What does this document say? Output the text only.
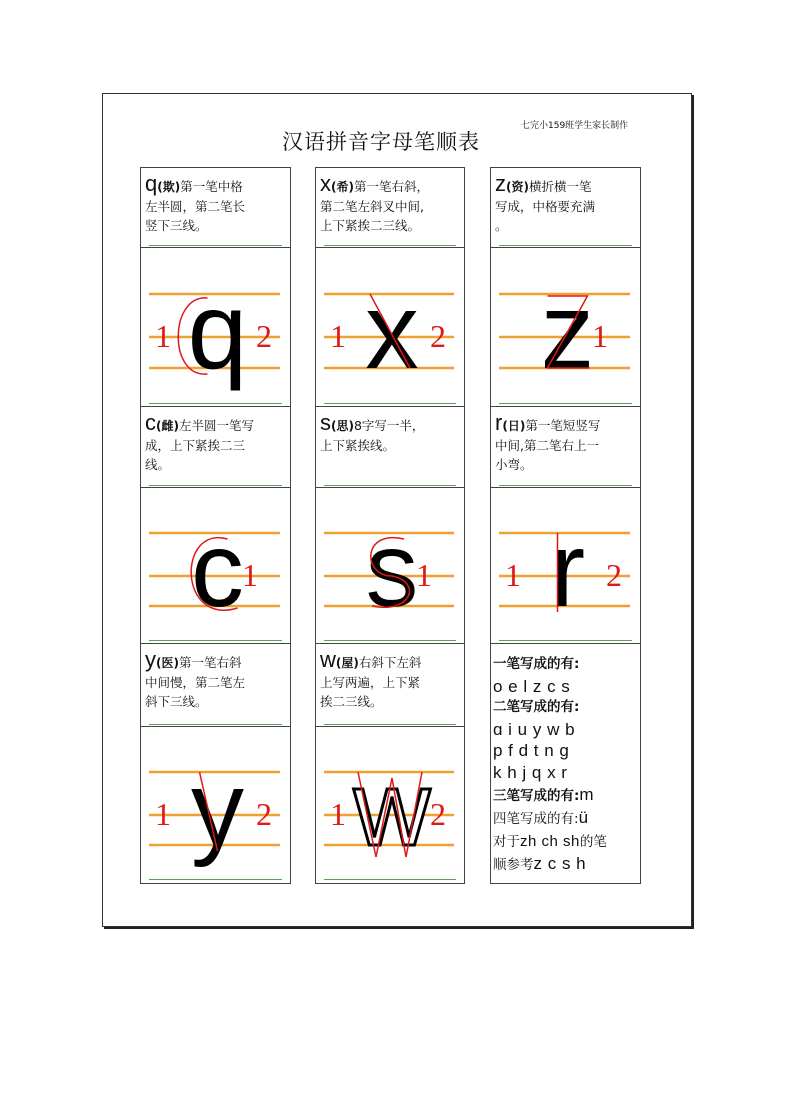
七完小159班学生家长制作
汉语拼音字母笔顺表
q(欺)第一笔中格
左半圆，第二笔长
竖下三线。
q
1	2
x(希)第一笔右斜，
第二笔左斜叉中间,
上下紧挨二三线。
x
1	2
z(资)横折横一笔
写成，中格要充满
。
z
1
c(雌)左半圆一笔写
成，上下紧挨二三
线。
c
1
s(思)8字写一半，
上下紧挨线。

s
1
r(日)第一笔短竖写
中间,第二笔右上一
小弯。
r
1	2
y(医)第一笔右斜
中间慢，第二笔左
斜下三线。
y
1	2
w(屋)右斜下左斜
上写两遍，上下紧
挨二三线。
w
1	2
一笔写成的有:
o e l z c s
二笔写成的有:
ɑ i u y w b
p f d t n g
k h j q x r
三笔写成的有:m
四笔写成的有:ü
对于zh ch sh的笔
顺参考z c s h
